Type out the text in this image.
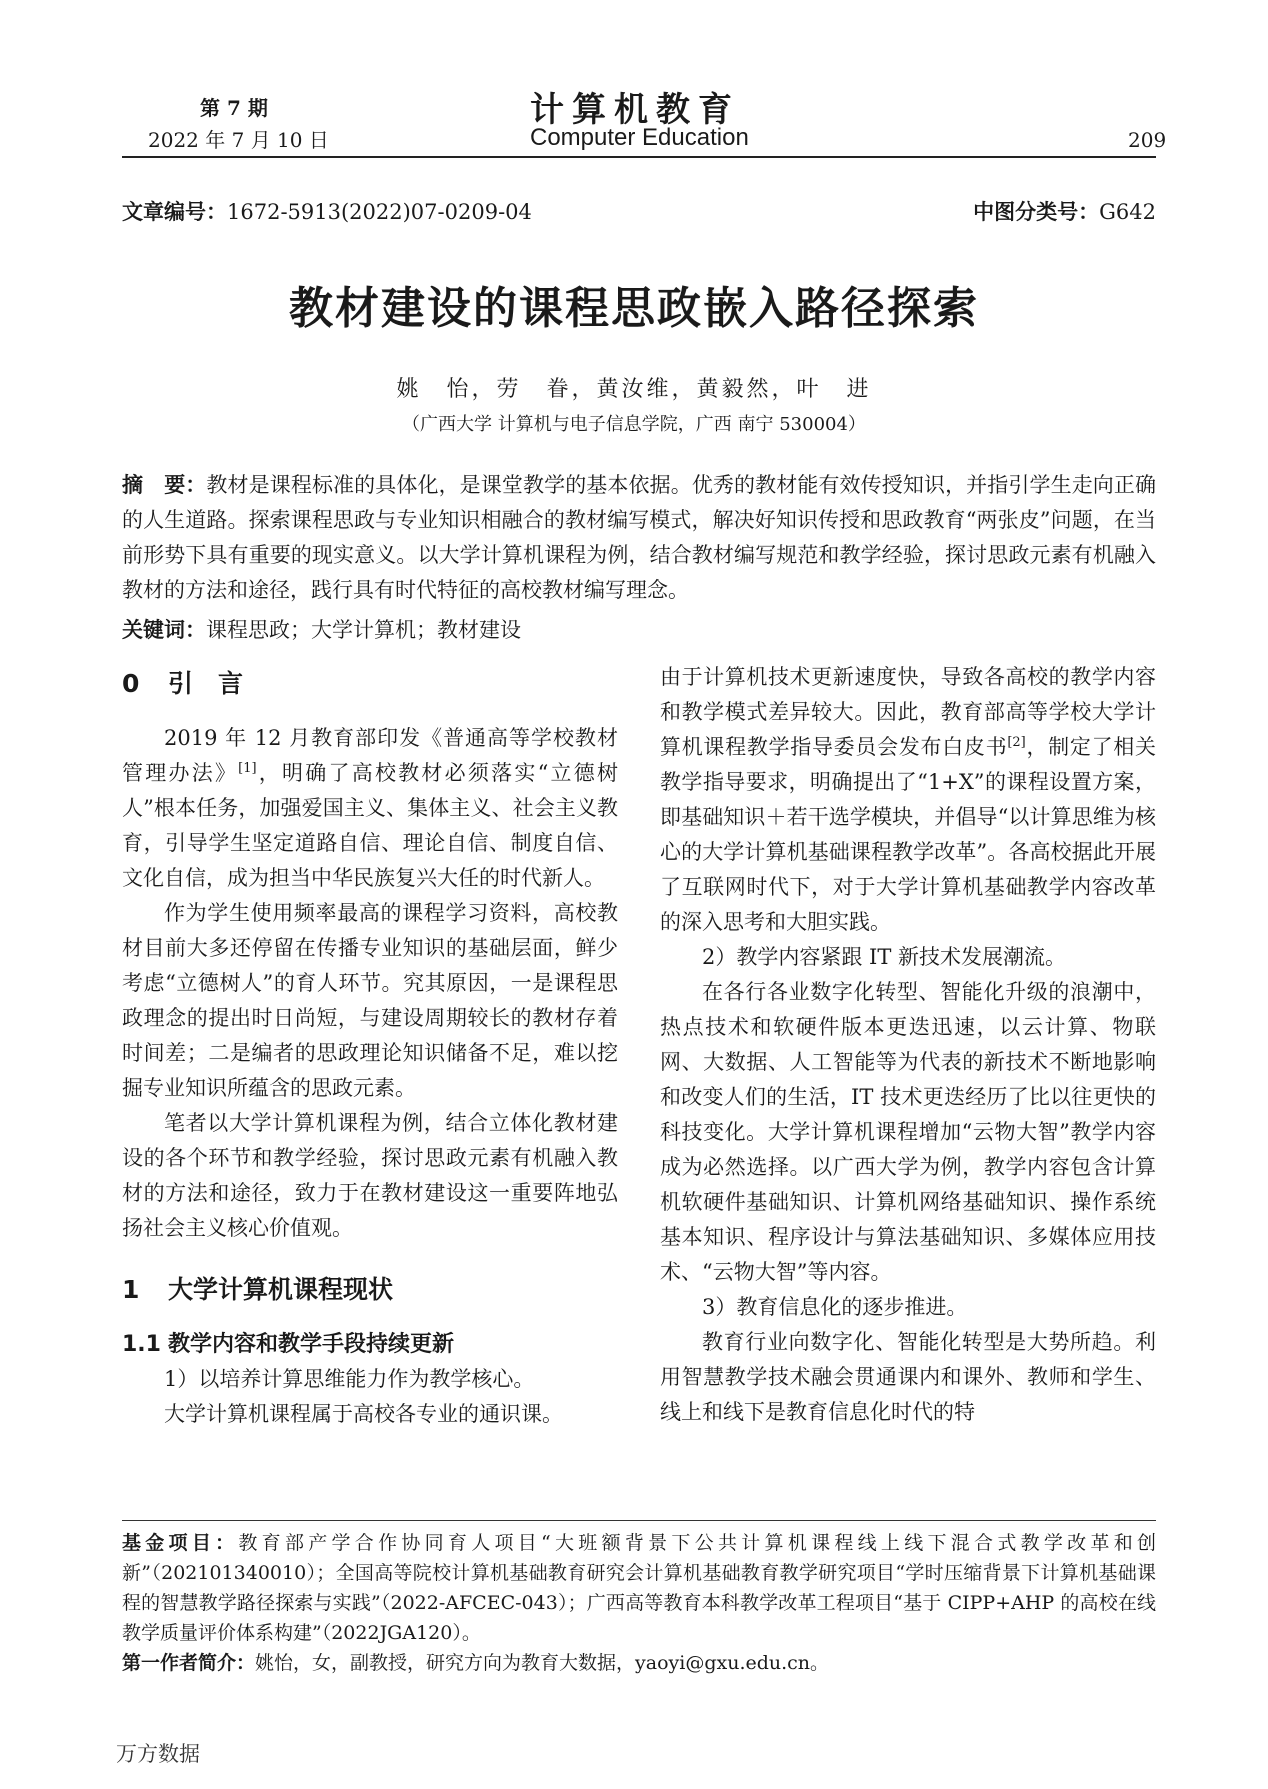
第 7 期
2022 年 7 月 10 日
计算机教育
Computer Education	209
文章编号：1672-5913(2022)07-0209-04	中图分类号：G642
教材建设的课程思政嵌入路径探索
姚　怡，劳　眷，黄汝维，黄毅然，叶　进
（广西大学 计算机与电子信息学院，广西 南宁 530004）
摘　要：教材是课程标准的具体化，是课堂教学的基本依据。优秀的教材能有效传授知识，并指引学生走向正确的人生道路。探索课程思政与专业知识相融合的教材编写模式，解决好知识传授和思政教育“两张皮”问题，在当前形势下具有重要的现实意义。以大学计算机课程为例，结合教材编写规范和教学经验，探讨思政元素有机融入教材的方法和途径，践行具有时代特征的高校教材编写理念。
关键词：课程思政；大学计算机；教材建设
0 引　言

2019 年 12 月教育部印发《普通高等学校教材管理办法》[1]，明确了高校教材必须落实“立德树人”根本任务，加强爱国主义、集体主义、社会主义教育，引导学生坚定道路自信、理论自信、制度自信、文化自信，成为担当中华民族复兴大任的时代新人。

作为学生使用频率最高的课程学习资料，高校教材目前大多还停留在传播专业知识的基础层面，鲜少考虑“立德树人”的育人环节。究其原因，一是课程思政理念的提出时日尚短，与建设周期较长的教材存着时间差；二是编者的思政理论知识储备不足，难以挖掘专业知识所蕴含的思政元素。

笔者以大学计算机课程为例，结合立体化教材建设的各个环节和教学经验，探讨思政元素有机融入教材的方法和途径，致力于在教材建设这一重要阵地弘扬社会主义核心价值观。

1 大学计算机课程现状
1.1 教学内容和教学手段持续更新

1）以培养计算思维能力作为教学核心。

大学计算机课程属于高校各专业的通识课。

由于计算机技术更新速度快，导致各高校的教学内容和教学模式差异较大。因此，教育部高等学校大学计算机课程教学指导委员会发布白皮书[2]，制定了相关教学指导要求，明确提出了“1+X”的课程设置方案，即基础知识＋若干选学模块，并倡导“以计算思维为核心的大学计算机基础课程教学改革”。各高校据此开展了互联网时代下，对于大学计算机基础教学内容改革的深入思考和大胆实践。

2）教学内容紧跟 IT 新技术发展潮流。

在各行各业数字化转型、智能化升级的浪潮中，热点技术和软硬件版本更迭迅速，以云计算、物联网、大数据、人工智能等为代表的新技术不断地影响和改变人们的生活，IT 技术更迭经历了比以往更快的科技变化。大学计算机课程增加“云物大智”教学内容成为必然选择。以广西大学为例，教学内容包含计算机软硬件基础知识、计算机网络基础知识、操作系统基本知识、程序设计与算法基础知识、多媒体应用技术、“云物大智”等内容。

3）教育信息化的逐步推进。

教育行业向数字化、智能化转型是大势所趋。利用智慧教学技术融会贯通课内和课外、教师和学生、线上和线下是教育信息化时代的特

基金项目：教育部产学合作协同育人项目“大班额背景下公共计算机课程线上线下混合式教学改革和创新”（202101340010）；全国高等院校计算机基础教育研究会计算机基础教育教学研究项目“学时压缩背景下计算机基础课程的智慧教学路径探索与实践”（2022-AFCEC-043）；广西高等教育本科教学改革工程项目“基于 CIPP+AHP 的高校在线教学质量评价体系构建”（2022JGA120）。
第一作者简介：姚怡，女，副教授，研究方向为教育大数据，yaoyi@gxu.edu.cn。
万方数据
